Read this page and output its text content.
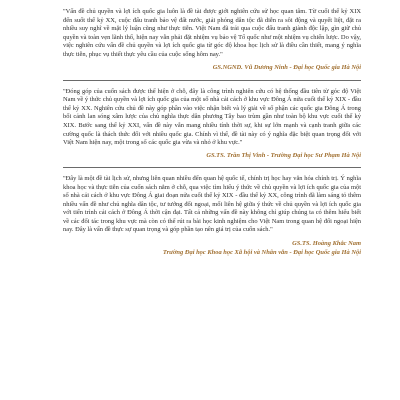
"Vấn đề chủ quyền và lợi ích quốc gia luôn là đề tài được giới nghiên cứu sử học quan tâm. Từ cuối thế kỷ XIX đến suốt thế kỷ XX, cuộc đấu tranh bảo vệ đất nước, giải phóng dân tộc đã diễn ra sôi động và quyết liệt, đặt ra nhiều suy nghĩ về mặt lý luận cũng như thực tiễn. Việt Nam đã trải qua cuộc đấu tranh giành độc lập, gìn giữ chủ quyền và toàn vẹn lãnh thổ, hiện nay vẫn phải đặt nhiệm vụ bảo vệ Tổ quốc như một nhiệm vụ chiến lược. Do vậy, việc nghiên cứu vấn đề chủ quyền và lợi ích quốc gia từ góc độ khoa học lịch sử là điều cần thiết, mang ý nghĩa thực tiễn, phục vụ thiết thực yêu cầu của cuộc sống hôm nay."

GS.NGND. Vũ Dương Ninh - Đại học Quốc gia Hà Nội

"Đóng góp của cuốn sách được thể hiện ở chỗ, đây là công trình nghiên cứu có hệ thống đầu tiên từ góc độ Việt Nam về ý thức chủ quyền và lợi ích quốc gia của một số nhà cải cách ở khu vực Đông Á nửa cuối thế kỷ XIX - đầu thế kỷ XX. Nghiên cứu chủ đề này góp phần vào việc nhận biết và lý giải về số phận các quốc gia Đông Á trong bối cảnh lan sóng xâm lược của chủ nghĩa thực dân phương Tây bao trùm gần như toàn bộ khu vực cuối thế kỷ XIX. Bước sang thế kỷ XXI, vấn đề này vẫn mang nhiều tính thời sự, khi sự lớn mạnh và cạnh tranh giữa các cường quốc là thách thức đối với nhiều quốc gia. Chính vì thế, đề tài này có ý nghĩa đặc biệt quan trọng đối với Việt Nam hiện nay, một trong số các quốc gia vừa và nhỏ ở khu vực."

GS.TS. Trần Thị Vinh - Trường Đại học Sư Phạm Hà Nội

"Đây là một đề tài lịch sử, nhưng liên quan nhiều đến quan hệ quốc tế, chính trị học hay văn hóa chính trị. Ý nghĩa khoa học và thực tiễn của cuốn sách nằm ở chỗ, qua việc tìm hiểu ý thức về chủ quyền và lợi ích quốc gia của một số nhà cải cách ở khu vực Đông Á giai đoạn nửa cuối thế kỷ XIX - đầu thế kỷ XX, công trình đã làm sáng tỏ thêm nhiều vấn đề như chủ nghĩa dân tộc, tư tưởng đối ngoại, mối liên hệ giữa ý thức về chủ quyền và lợi ích quốc gia với tiến trình cải cách ở Đông Á thời cận đại. Tất cả những vấn đề này không chỉ giúp chúng ta có thêm hiểu biết về các đối tác trong khu vực mà còn có thể rút ra bài học kinh nghiệm cho Việt Nam trong quan hệ đối ngoại hiện nay. Đây là vấn đề thực sự quan trọng và góp phần tạo nên giá trị của cuốn sách."

GS.TS. Hoàng Khắc Nam

Trường Đại học Khoa học Xã hội và Nhân văn - Đại học Quốc gia Hà Nội
